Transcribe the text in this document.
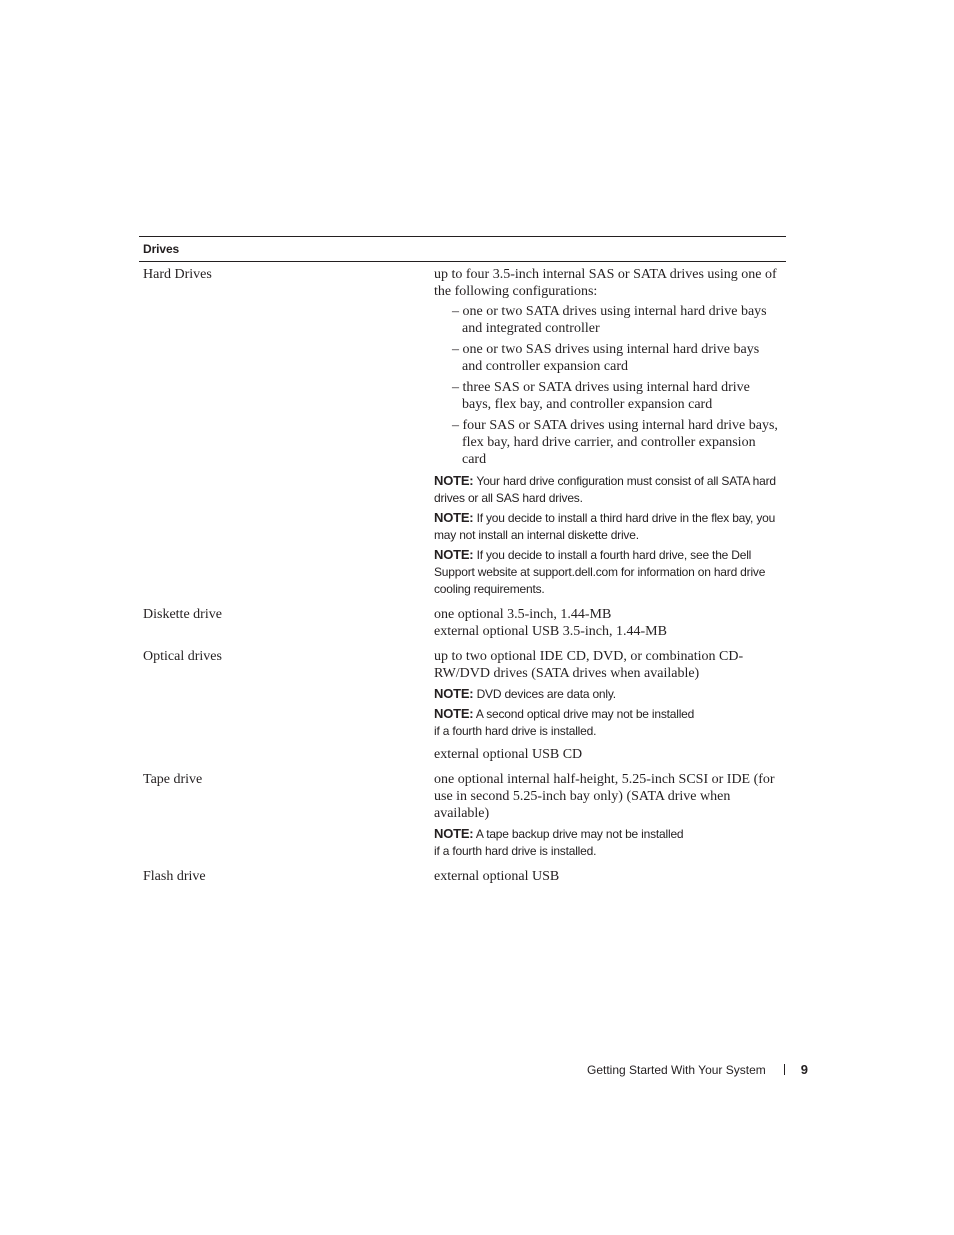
Drives
Hard Drives	up to four 3.5-inch internal SAS or SATA drives using one of the following configurations:

– one or two SATA drives using internal hard drive bays and integrated controller

– one or two SAS drives using internal hard drive bays and controller expansion card

– three SAS or SATA drives using internal hard drive bays, flex bay, and controller expansion card

– four SAS or SATA drives using internal hard drive bays, flex bay, hard drive carrier, and controller expansion card

NOTE: Your hard drive configuration must consist of all SATA hard drives or all SAS hard drives.

NOTE: If you decide to install a third hard drive in the flex bay, you may not install an internal diskette drive.

NOTE: If you decide to install a fourth hard drive, see the Dell Support website at support.dell.com for information on hard drive cooling requirements.

Diskette drive	one optional 3.5-inch, 1.44-MB
external optional USB 3.5-inch, 1.44-MB
Optical drives	up to two optional IDE CD, DVD, or combination CD-RW/DVD drives (SATA drives when available)

NOTE: DVD devices are data only.

NOTE: A second optical drive may not be installed
if a fourth hard drive is installed.

external optional USB CD

Tape drive	one optional internal half-height, 5.25-inch SCSI or IDE (for use in second 5.25-inch bay only) (SATA drive when available)

NOTE: A tape backup drive may not be installed
if a fourth hard drive is installed.

Flash drive	external optional USB
Getting Started With Your System	9
